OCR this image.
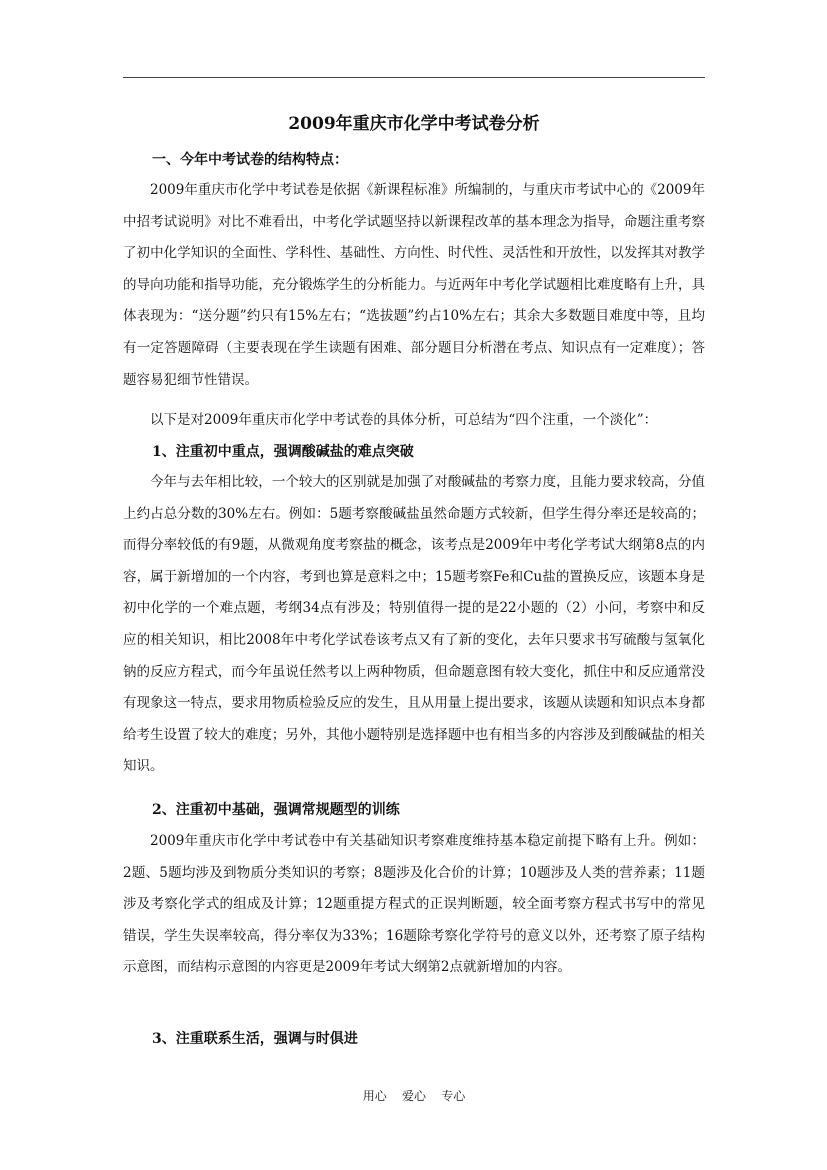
2009年重庆市化学中考试卷分析
一、今年中考试卷的结构特点：

2009年重庆市化学中考试卷是依据《新课程标准》所编制的，与重庆市考试中心的《2009年中招考试说明》对比不难看出，中考化学试题坚持以新课程改革的基本理念为指导，命题注重考察了初中化学知识的全面性、学科性、基础性、方向性、时代性、灵活性和开放性，以发挥其对教学的导向功能和指导功能，充分锻炼学生的分析能力。与近两年中考化学试题相比难度略有上升，具体表现为：“送分题”约只有15%左右；“选拔题”约占10%左右；其余大多数题目难度中等，且均有一定答题障碍（主要表现在学生读题有困难、部分题目分析潜在考点、知识点有一定难度）；答题容易犯细节性错误。

以下是对2009年重庆市化学中考试卷的具体分析，可总结为“四个注重，一个淡化”：

1、注重初中重点，强调酸碱盐的难点突破

今年与去年相比较，一个较大的区别就是加强了对酸碱盐的考察力度，且能力要求较高，分值上约占总分数的30%左右。例如：5题考察酸碱盐虽然命题方式较新，但学生得分率还是较高的；而得分率较低的有9题，从微观角度考察盐的概念，该考点是2009年中考化学考试大纲第8点的内容，属于新增加的一个内容，考到也算是意料之中；15题考察Fe和Cu盐的置换反应，该题本身是初中化学的一个难点题，考纲34点有涉及；特别值得一提的是22小题的（2）小问，考察中和反应的相关知识，相比2008年中考化学试卷该考点又有了新的变化，去年只要求书写硫酸与氢氧化钠的反应方程式，而今年虽说任然考以上两种物质，但命题意图有较大变化，抓住中和反应通常没有现象这一特点，要求用物质检验反应的发生，且从用量上提出要求，该题从读题和知识点本身都给考生设置了较大的难度；另外，其他小题特别是选择题中也有相当多的内容涉及到酸碱盐的相关知识。

2、注重初中基础，强调常规题型的训练

2009年重庆市化学中考试卷中有关基础知识考察难度维持基本稳定前提下略有上升。例如：2题、5题均涉及到物质分类知识的考察；8题涉及化合价的计算；10题涉及人类的营养素；11题涉及考察化学式的组成及计算；12题重提方程式的正误判断题，较全面考察方程式书写中的常见错误，学生失误率较高，得分率仅为33%；16题除考察化学符号的意义以外，还考察了原子结构示意图，而结构示意图的内容更是2009年考试大纲第2点就新增加的内容。

3、注重联系生活，强调与时俱进
用心    爱心    专心
